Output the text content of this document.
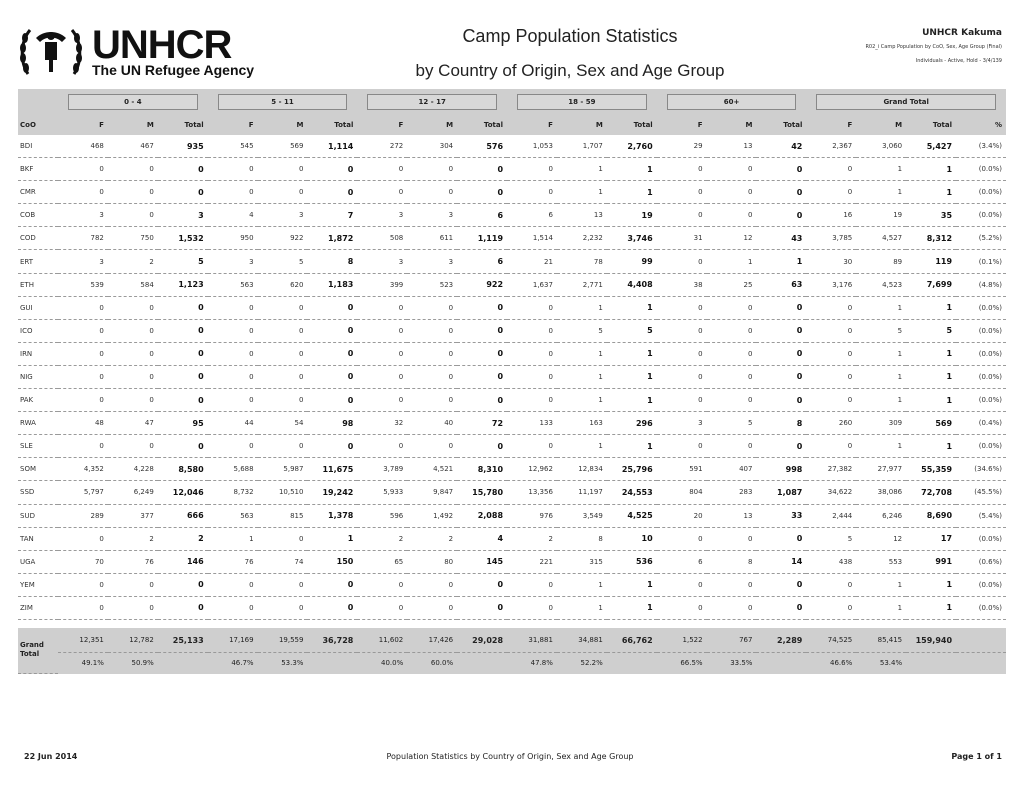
UNHCR
The UN Refugee Agency
Camp Population Statistics
by Country of Origin, Sex and Age Group
UNHCR Kakuma
R02_i Camp Population by CoO, Sex, Age Group (Final)
Individuals - Active, Hold - 3/4/139

	0 - 4			5 - 11			12 - 17			18 - 59			60+			Grand Total			

CoO	F	M	Total	F	M	Total	F	M	Total	F	M	Total	F	M	Total	F	M	Total	%
BDI	468	467	935	545	569	1,114	272	304	576	1,053	1,707	2,760	29	13	42	2,367	3,060	5,427	(3.4%)
BKF	0	0	0	0	0	0	0	0	0	0	1	1	0	0	0	0	1	1	(0.0%)
CMR	0	0	0	0	0	0	0	0	0	0	1	1	0	0	0	0	1	1	(0.0%)
COB	3	0	3	4	3	7	3	3	6	6	13	19	0	0	0	16	19	35	(0.0%)
COD	782	750	1,532	950	922	1,872	508	611	1,119	1,514	2,232	3,746	31	12	43	3,785	4,527	8,312	(5.2%)
ERT	3	2	5	3	5	8	3	3	6	21	78	99	0	1	1	30	89	119	(0.1%)
ETH	539	584	1,123	563	620	1,183	399	523	922	1,637	2,771	4,408	38	25	63	3,176	4,523	7,699	(4.8%)
GUI	0	0	0	0	0	0	0	0	0	0	1	1	0	0	0	0	1	1	(0.0%)
ICO	0	0	0	0	0	0	0	0	0	0	5	5	0	0	0	0	5	5	(0.0%)
IRN	0	0	0	0	0	0	0	0	0	0	1	1	0	0	0	0	1	1	(0.0%)
NIG	0	0	0	0	0	0	0	0	0	0	1	1	0	0	0	0	1	1	(0.0%)
PAK	0	0	0	0	0	0	0	0	0	0	1	1	0	0	0	0	1	1	(0.0%)
RWA	48	47	95	44	54	98	32	40	72	133	163	296	3	5	8	260	309	569	(0.4%)
SLE	0	0	0	0	0	0	0	0	0	0	1	1	0	0	0	0	1	1	(0.0%)
SOM	4,352	4,228	8,580	5,688	5,987	11,675	3,789	4,521	8,310	12,962	12,834	25,796	591	407	998	27,382	27,977	55,359	(34.6%)
SSD	5,797	6,249	12,046	8,732	10,510	19,242	5,933	9,847	15,780	13,356	11,197	24,553	804	283	1,087	34,622	38,086	72,708	(45.5%)
SUD	289	377	666	563	815	1,378	596	1,492	2,088	976	3,549	4,525	20	13	33	2,444	6,246	8,690	(5.4%)
TAN	0	2	2	1	0	1	2	2	4	2	8	10	0	0	0	5	12	17	(0.0%)
UGA	70	76	146	76	74	150	65	80	145	221	315	536	6	8	14	438	553	991	(0.6%)
YEM	0	0	0	0	0	0	0	0	0	0	1	1	0	0	0	0	1	1	(0.0%)
ZIM	0	0	0	0	0	0	0	0	0	0	1	1	0	0	0	0	1	1	(0.0%)
Grand
Total	12,351	12,782	25,133	17,169	19,559	36,728	11,602	17,426	29,028	31,881	34,881	66,762	1,522	767	2,289	74,525	85,415	159,940	
	49.1%	50.9%		46.7%	53.3%		40.0%	60.0%		47.8%	52.2%		66.5%	33.5%		46.6%	53.4%		
22 Jun 2014	Population Statistics by Country of Origin, Sex and Age Group	Page 1 of 1
